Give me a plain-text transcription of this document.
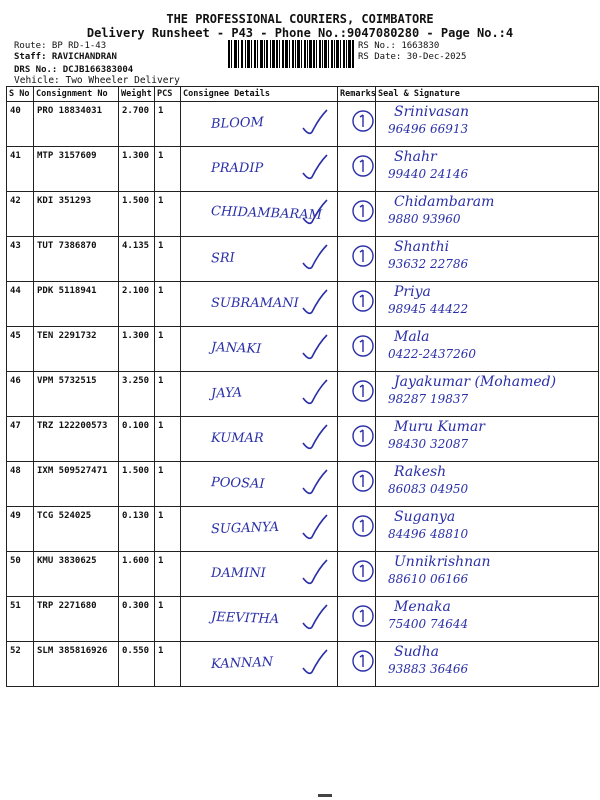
THE PROFESSIONAL COURIERS, COIMBATORE
Delivery Runsheet - P43 - Phone No.:9047080280 - Page No.:4
Route: BP RD-1-43
Staff: RAVICHANDRAN
DRS No.: DCJB166383004
RS No.: 1663830
RS Date: 30-Dec-2025
Vehicle: Two Wheeler Delivery
S No	Consignment No	Weight	PCS	Consignee Details	Remarks	Seal & Signature
40	PRO 18834031	2.700	1	BLOOM		Srinivasan
96496 66913

41	MTP 3157609	1.300	1	PRADIP		Shahr
99440 24146

42	KDI 351293	1.500	1	CHIDAMBARAM		Chidambaram
9880 93960

43	TUT 7386870	4.135	1	SRI		Shanthi
93632 22786

44	PDK 5118941	2.100	1	SUBRAMANI		Priya
98945 44422

45	TEN 2291732	1.300	1	JANAKI		Mala
0422-2437260

46	VPM 5732515	3.250	1	JAYA		Jayakumar (Mohamed)
98287 19837

47	TRZ 122200573	0.100	1	KUMAR		Muru Kumar
98430 32087

48	IXM 509527471	1.500	1	POOSAI		Rakesh
86083 04950

49	TCG 524025	0.130	1	SUGANYA		Suganya
84496 48810

50	KMU 3830625	1.600	1	DAMINI		Unnikrishnan
88610 06166

51	TRP 2271680	0.300	1	JEEVITHA		Menaka
75400 74644

52	SLM 385816926	0.550	1	KANNAN		Sudha
93883 36466
